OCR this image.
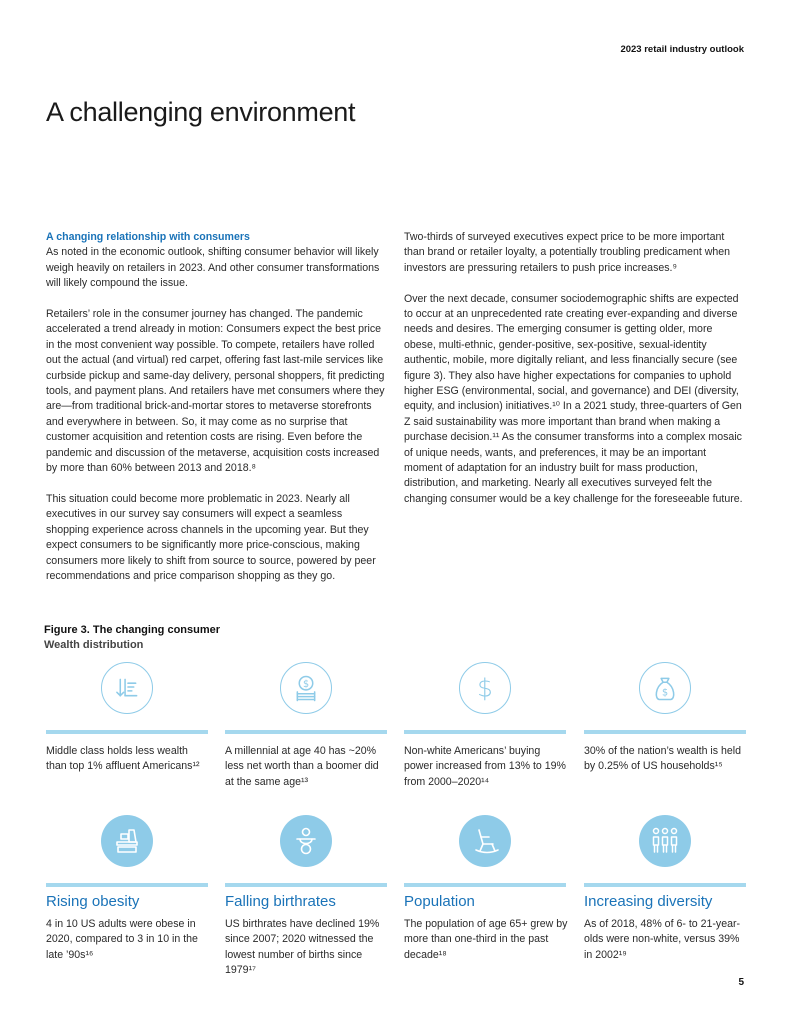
2023 retail industry outlook
A challenging environment

A changing relationship with consumers
As noted in the economic outlook, shifting consumer behavior will likely weigh heavily on retailers in 2023. And other consumer transformations will likely compound the issue.

Retailers’ role in the consumer journey has changed. The pandemic accelerated a trend already in motion: Consumers expect the best price in the most convenient way possible. To compete, retailers have rolled out the actual (and virtual) red carpet, offering fast last-mile services like curbside pickup and same-day delivery, personal shoppers, fit predicting tools, and payment plans. And retailers have met consumers where they are—from traditional brick-and-mortar stores to metaverse storefronts and everywhere in between. So, it may come as no surprise that customer acquisition and retention costs are rising. Even before the pandemic and discussion of the metaverse, acquisition costs increased by more than 60% between 2013 and 2018.⁸

This situation could become more problematic in 2023. Nearly all executives in our survey say consumers will expect a seamless shopping experience across channels in the upcoming year. But they expect consumers to be significantly more price-conscious, making consumers more likely to shift from source to source, powered by peer recommendations and price comparison shopping as they go.

Two-thirds of surveyed executives expect price to be more important than brand or retailer loyalty, a potentially troubling predicament when investors are pressuring retailers to push price increases.⁹

Over the next decade, consumer sociodemographic shifts are expected to occur at an unprecedented rate creating ever-expanding and diverse needs and desires. The emerging consumer is getting older, more obese, multi-ethnic, gender-positive, sex-positive, sexual-identity authentic, mobile, more digitally reliant, and less financially secure (see figure 3). They also have higher expectations for companies to uphold higher ESG (environmental, social, and governance) and DEI (diversity, equity, and inclusion) initiatives.¹⁰ In a 2021 study, three-quarters of Gen Z said sustainability was more important than brand when making a purchase decision.¹¹ As the consumer transforms into a complex mosaic of unique needs, wants, and preferences, it may be an important moment of adaptation for an industry built for mass production, distribution, and marketing. Nearly all executives surveyed felt the changing consumer would be a key challenge for the foreseeable future.

Figure 3. The changing consumer
Wealth distribution
Middle class holds less wealth than top 1% affluent Americans¹²
$
A millennial at age 40 has ~20% less net worth than a boomer did at the same age¹³
$
Non-white Americans’ buying power increased from 13% to 19% from 2000–2020¹⁴
$
30% of the nation’s wealth is held by 0.25% of US households¹⁵
Rising obesity
4 in 10 US adults were obese in 2020, compared to 3 in 10 in the late ’90s¹⁶
Falling birthrates
US birthrates have declined 19% since 2007; 2020 witnessed the lowest number of births since 1979¹⁷
Population
The population of age 65+ grew by more than one-third in the past decade¹⁸
Increasing diversity
As of 2018, 48% of 6- to 21-year-olds were non-white, versus 39% in 2002¹⁹
5
